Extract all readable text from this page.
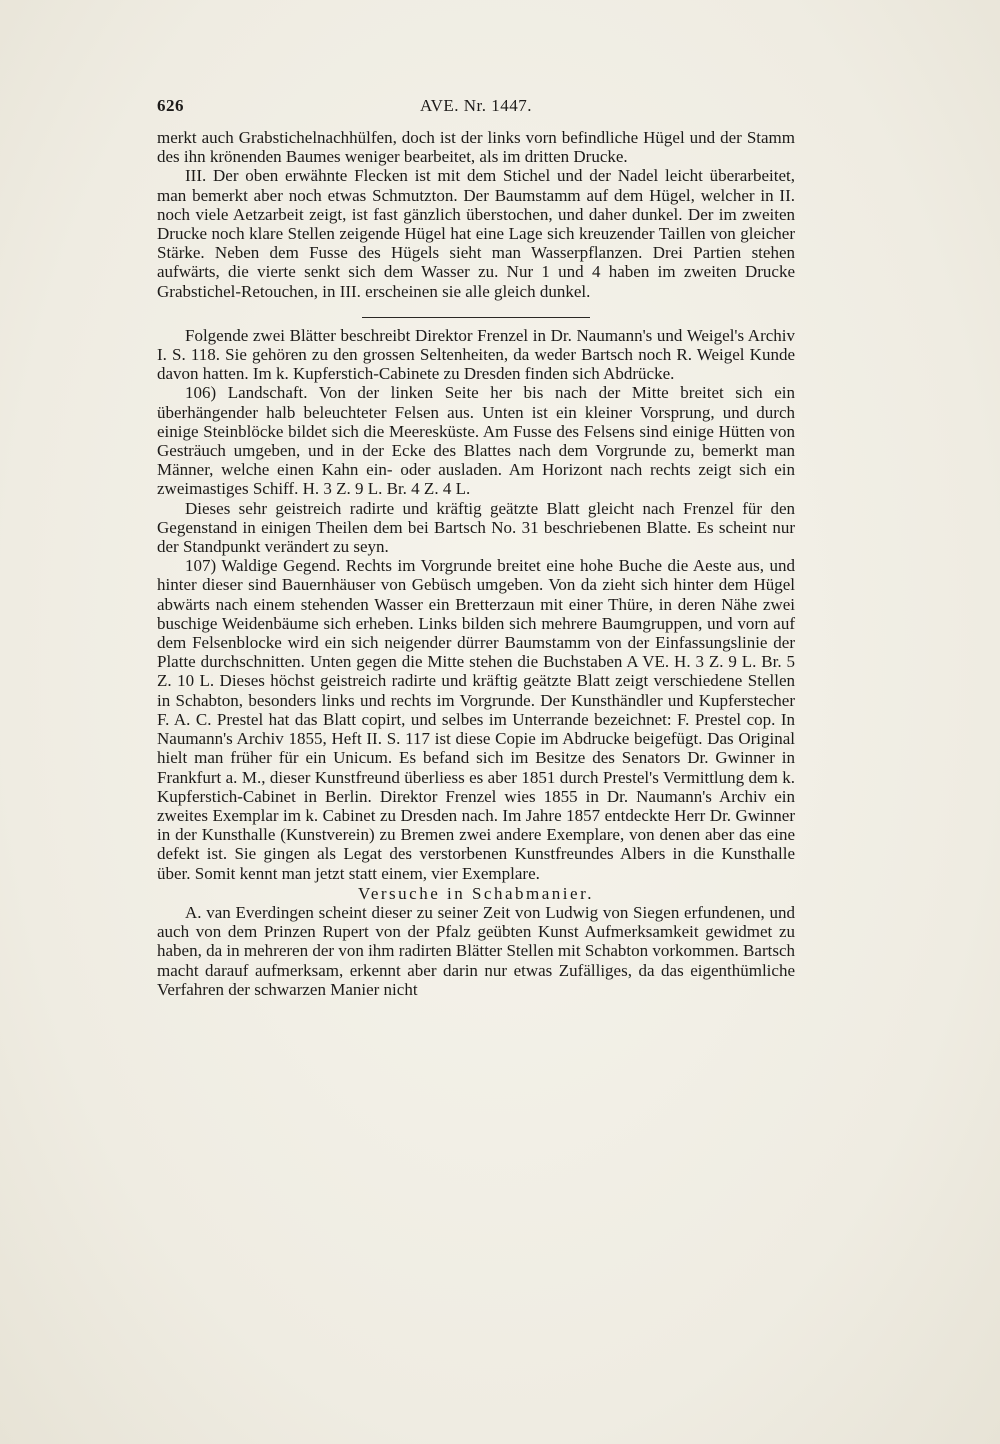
626	AVE. Nr. 1447.

merkt auch Grabstichelnachhülfen, doch ist der links vorn befindliche Hügel und der Stamm des ihn krönenden Baumes weniger bearbeitet, als im dritten Drucke.

III. Der oben erwähnte Flecken ist mit dem Stichel und der Nadel leicht überarbeitet, man bemerkt aber noch etwas Schmutzton. Der Baumstamm auf dem Hügel, welcher in II. noch viele Aetzarbeit zeigt, ist fast gänzlich überstochen, und daher dunkel. Der im zweiten Drucke noch klare Stellen zeigende Hügel hat eine Lage sich kreuzender Taillen von gleicher Stärke. Neben dem Fusse des Hügels sieht man Wasserpflanzen. Drei Partien stehen aufwärts, die vierte senkt sich dem Wasser zu. Nur 1 und 4 haben im zweiten Drucke Grabstichel-Retouchen, in III. erscheinen sie alle gleich dunkel.

Folgende zwei Blätter beschreibt Direktor Frenzel in Dr. Naumann's und Weigel's Archiv I. S. 118. Sie gehören zu den grossen Seltenheiten, da weder Bartsch noch R. Weigel Kunde davon hatten. Im k. Kupferstich-Cabinete zu Dresden finden sich Abdrücke.

106) Landschaft. Von der linken Seite her bis nach der Mitte breitet sich ein überhängender halb beleuchteter Felsen aus. Unten ist ein kleiner Vorsprung, und durch einige Steinblöcke bildet sich die Meeresküste. Am Fusse des Felsens sind einige Hütten von Gesträuch umgeben, und in der Ecke des Blattes nach dem Vorgrunde zu, bemerkt man Männer, welche einen Kahn ein- oder ausladen. Am Horizont nach rechts zeigt sich ein zweimastiges Schiff. H. 3 Z. 9 L. Br. 4 Z. 4 L.

Dieses sehr geistreich radirte und kräftig geätzte Blatt gleicht nach Frenzel für den Gegenstand in einigen Theilen dem bei Bartsch No. 31 beschriebenen Blatte. Es scheint nur der Standpunkt verändert zu seyn.

107) Waldige Gegend. Rechts im Vorgrunde breitet eine hohe Buche die Aeste aus, und hinter dieser sind Bauernhäuser von Gebüsch umgeben. Von da zieht sich hinter dem Hügel abwärts nach einem stehenden Wasser ein Bretterzaun mit einer Thüre, in deren Nähe zwei buschige Weidenbäume sich erheben. Links bilden sich mehrere Baumgruppen, und vorn auf dem Felsenblocke wird ein sich neigender dürrer Baumstamm von der Einfassungslinie der Platte durchschnitten. Unten gegen die Mitte stehen die Buchstaben A VE. H. 3 Z. 9 L. Br. 5 Z. 10 L. Dieses höchst geistreich radirte und kräftig geätzte Blatt zeigt verschiedene Stellen in Schabton, besonders links und rechts im Vorgrunde. Der Kunsthändler und Kupferstecher F. A. C. Prestel hat das Blatt copirt, und selbes im Unterrande bezeichnet: F. Prestel cop. In Naumann's Archiv 1855, Heft II. S. 117 ist diese Copie im Abdrucke beigefügt. Das Original hielt man früher für ein Unicum. Es befand sich im Besitze des Senators Dr. Gwinner in Frankfurt a. M., dieser Kunstfreund überliess es aber 1851 durch Prestel's Vermittlung dem k. Kupferstich-Cabinet in Berlin. Direktor Frenzel wies 1855 in Dr. Naumann's Archiv ein zweites Exemplar im k. Cabinet zu Dresden nach. Im Jahre 1857 entdeckte Herr Dr. Gwinner in der Kunsthalle (Kunstverein) zu Bremen zwei andere Exemplare, von denen aber das eine defekt ist. Sie gingen als Legat des verstorbenen Kunstfreundes Albers in die Kunsthalle über. Somit kennt man jetzt statt einem, vier Exemplare.

Versuche in Schabmanier.

A. van Everdingen scheint dieser zu seiner Zeit von Ludwig von Siegen erfundenen, und auch von dem Prinzen Rupert von der Pfalz geübten Kunst Aufmerksamkeit gewidmet zu haben, da in mehreren der von ihm radirten Blätter Stellen mit Schabton vorkommen. Bartsch macht darauf aufmerksam, erkennt aber darin nur etwas Zufälliges, da das eigenthümliche Verfahren der schwarzen Manier nicht
